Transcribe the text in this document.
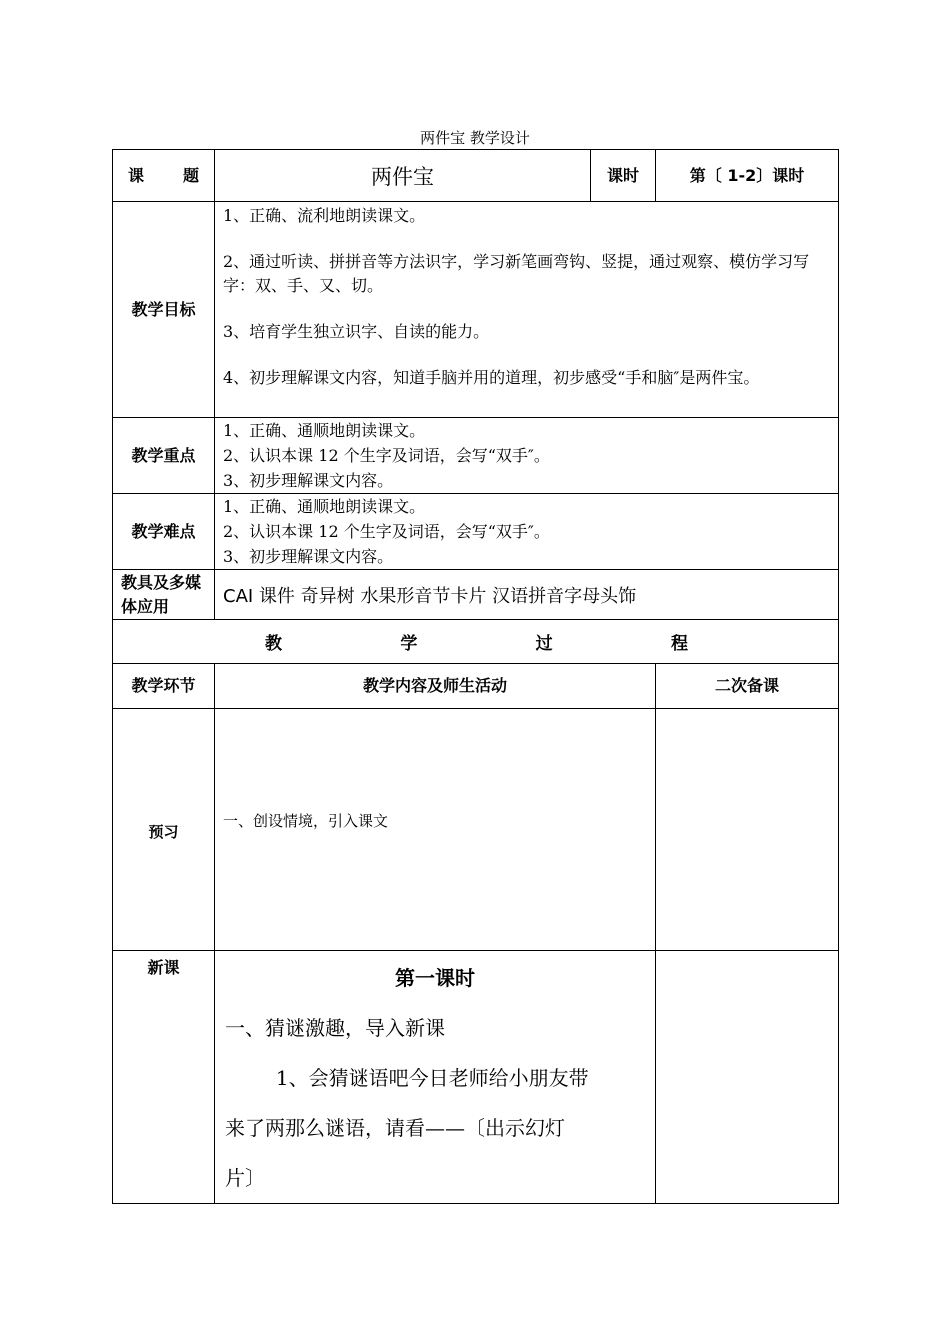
两件宝 教学设计
课       题	两件宝	课时	第〔 1-2〕课时
教学目标	1、正确、流利地朗读课文。

2、通过听读、拼拼音等方法识字，学习新笔画弯钩、竖提，通过观察、模仿学习写字：双、手、又、切。

3、培育学生独立识字、自读的能力。

4、初步理解课文内容，知道手脑并用的道理，初步感受“手和脑″是两件宝。		

教学重点	1、正确、通顺地朗读课文。

2、认识本课 12 个生字及词语，会写“双手″。

3、初步理解课文内容。		

教学难点	1、正确、通顺地朗读课文。

2、认识本课 12 个生字及词语，会写“双手″。

3、初步理解课文内容。		

教具及多媒体应用	CAI 课件 奇异树 水果形音节卡片 汉语拼音字母头饰		

教 学 过 程			

教学环节	教学内容及师生活动		二次备课
预习	一、创设情境，引入课文		
新课	第一课时

一、猜谜激趣，导入新课

1、会猜谜语吧今日老师给小朋友带

来了两那么谜语，请看——〔出示幻灯

片〕		
